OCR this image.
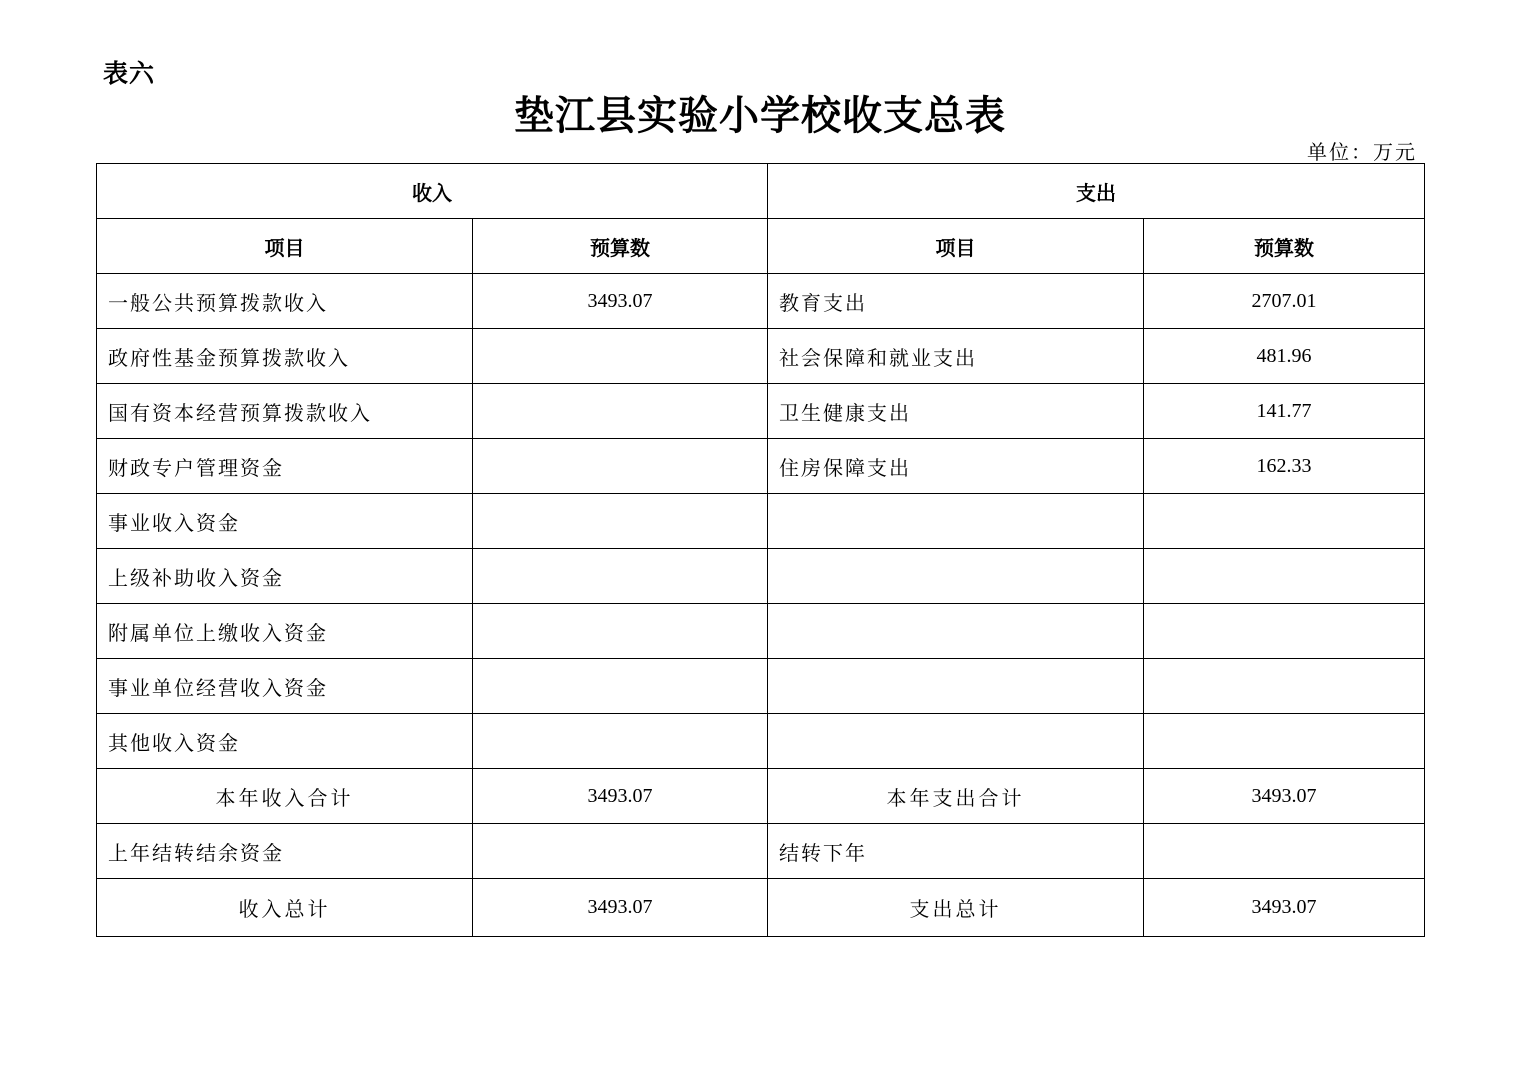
表六
垫江县实验小学校收支总表
单位：万元
收入		支出	
项目	预算数	项目	预算数
一般公共预算拨款收入	3493.07	教育支出	2707.01
政府性基金预算拨款收入		社会保障和就业支出	481.96
国有资本经营预算拨款收入		卫生健康支出	141.77
财政专户管理资金		住房保障支出	162.33
事业收入资金			
上级补助收入资金			
附属单位上缴收入资金			
事业单位经营收入资金			
其他收入资金			
本年收入合计	3493.07	本年支出合计	3493.07
上年结转结余资金		结转下年	
收入总计	3493.07	支出总计	3493.07
